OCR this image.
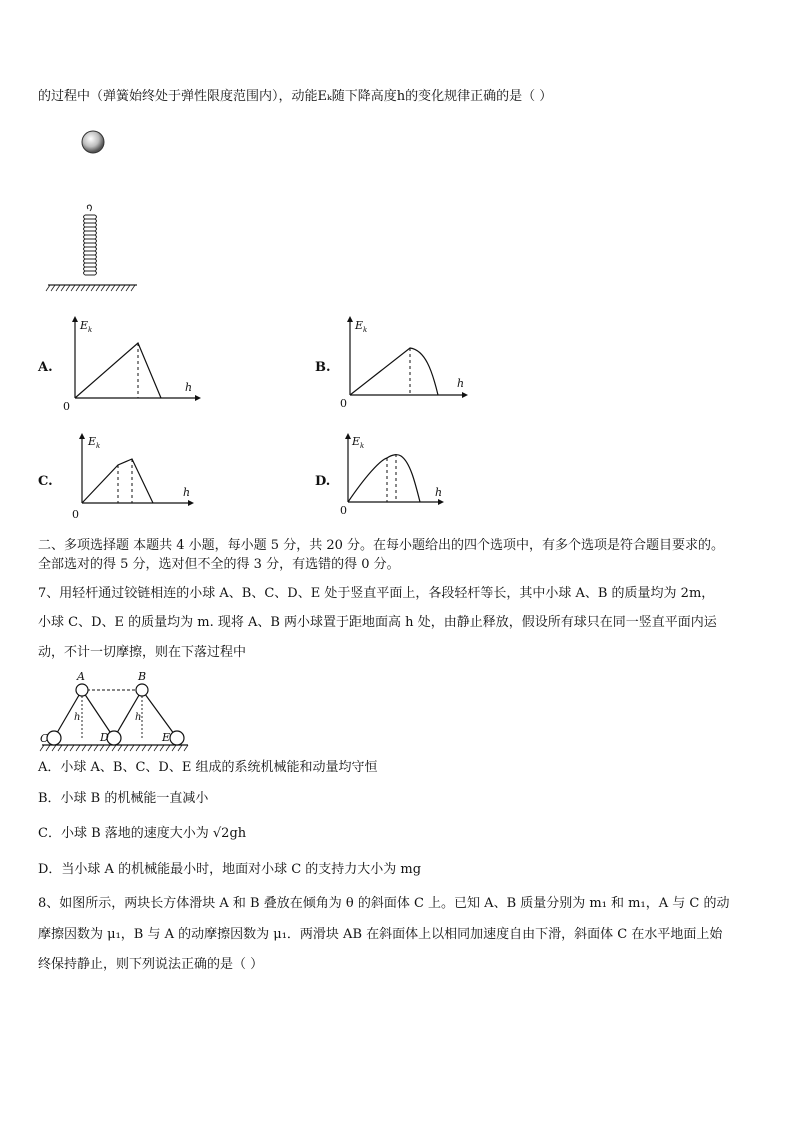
的过程中（弹簧始终处于弹性限度范围内），动能Eₖ随下降高度h的变化规律正确的是（ ）
A.
$E_k$
h
0
B.
$E_k$
h
0
C.
$E_k$
h
0
D.
$E_k$
h
0
二、多项选择题 本题共 4 小题，每小题 5 分，共 20 分。在每小题给出的四个选项中，有多个选项是符合题目要求的。
全部选对的得 5 分，选对但不全的得 3 分，有选错的得 0 分。
7、用轻杆通过铰链相连的小球 A、B、C、D、E 处于竖直平面上，各段轻杆等长，其中小球 A、B 的质量均为 2m，
小球 C、D、E 的质量均为 m. 现将 A、B 两小球置于距地面高 h 处，由静止释放，假设所有球只在同一竖直平面内运
动，不计一切摩擦，则在下落过程中
A	B
C	D	E
h	h
A．小球 A、B、C、D、E 组成的系统机械能和动量均守恒
B．小球 B 的机械能一直减小
C．小球 B 落地的速度大小为 √2gh
D．当小球 A 的机械能最小时，地面对小球 C 的支持力大小为 mg
8、如图所示，两块长方体滑块 A 和 B 叠放在倾角为 θ 的斜面体 C 上。已知 A、B 质量分别为 m₁ 和 m₁，A 与 C 的动
摩擦因数为 μ₁，B 与 A 的动摩擦因数为 μ₁．两滑块 AB 在斜面体上以相同加速度自由下滑，斜面体 C 在水平地面上始
终保持静止，则下列说法正确的是（ ）
